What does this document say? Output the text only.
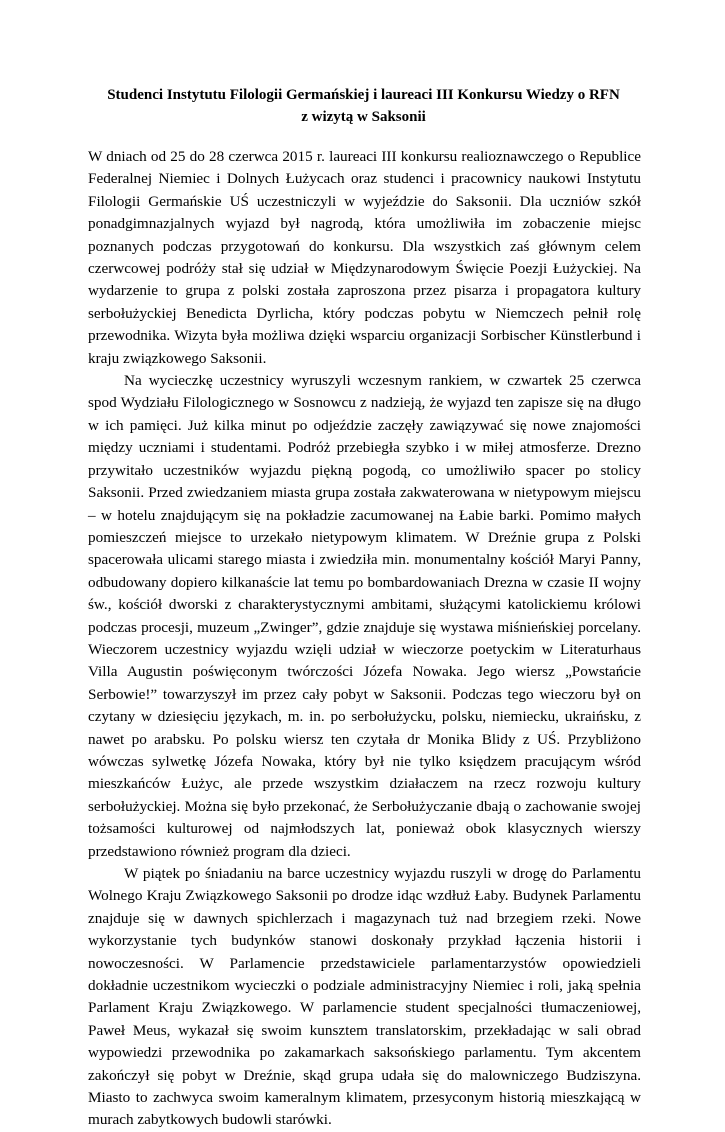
Studenci Instytutu Filologii Germańskiej i laureaci III Konkursu Wiedzy o RFN
z wizytą w Saksonii

W dniach od 25 do 28 czerwca 2015 r. laureaci III konkursu realioznawczego o Republice Federalnej Niemiec i Dolnych Łużycach oraz studenci i pracownicy naukowi Instytutu Filologii Germańskie UŚ uczestniczyli w wyjeździe do Saksonii. Dla uczniów szkół ponadgimnazjalnych wyjazd był nagrodą, która umożliwiła im zobaczenie miejsc poznanych podczas przygotowań do konkursu. Dla wszystkich zaś głównym celem czerwcowej podróży stał się udział w Międzynarodowym Święcie Poezji Łużyckiej. Na wydarzenie to grupa z polski została zaproszona przez pisarza i propagatora kultury serbołużyckiej Benedicta Dyrlicha, który podczas pobytu w Niemczech pełnił rolę przewodnika. Wizyta była możliwa dzięki wsparciu organizacji Sorbischer Künstlerbund i kraju związkowego Saksonii.

Na wycieczkę uczestnicy wyruszyli wczesnym rankiem, w czwartek 25 czerwca spod Wydziału Filologicznego w Sosnowcu z nadzieją, że wyjazd ten zapisze się na długo w ich pamięci. Już kilka minut po odjeździe zaczęły zawiązywać się nowe znajomości między uczniami i studentami. Podróż przebiegła szybko i w miłej atmosferze. Drezno przywitało uczestników wyjazdu piękną pogodą, co umożliwiło spacer po stolicy Saksonii. Przed zwiedzaniem miasta grupa została zakwaterowana w nietypowym miejscu – w hotelu znajdującym się na pokładzie zacumowanej na Łabie barki. Pomimo małych pomieszczeń miejsce to urzekało nietypowym klimatem. W Dreźnie grupa z Polski spacerowała ulicami starego miasta i zwiedziła min. monumentalny kościół Maryi Panny, odbudowany dopiero kilkanaście lat temu po bombardowaniach Drezna w czasie II wojny św., kościół dworski z charakterystycznymi ambitami, służącymi katolickiemu królowi podczas procesji, muzeum „Zwinger”, gdzie znajduje się wystawa miśnieńskiej porcelany. Wieczorem uczestnicy wyjazdu wzięli udział w wieczorze poetyckim w Literaturhaus Villa Augustin poświęconym twórczości Józefa Nowaka. Jego wiersz „Powstańcie Serbowie!” towarzyszył im przez cały pobyt w Saksonii. Podczas tego wieczoru był on czytany w dziesięciu językach, m. in. po serbołużycku, polsku, niemiecku, ukraińsku, z nawet po arabsku. Po polsku wiersz ten czytała dr Monika Blidy z UŚ. Przybliżono wówczas sylwetkę Józefa Nowaka, który był nie tylko księdzem pracującym wśród mieszkańców Łużyc, ale przede wszystkim działaczem na rzecz rozwoju kultury serbołużyckiej. Można się było przekonać, że Serbołużyczanie dbają o zachowanie swojej tożsamości kulturowej od najmłodszych lat, ponieważ obok klasycznych wierszy przedstawiono również program dla dzieci.

W piątek po śniadaniu na barce uczestnicy wyjazdu ruszyli w drogę do Parlamentu Wolnego Kraju Związkowego Saksonii po drodze idąc wzdłuż Łaby. Budynek Parlamentu znajduje się w dawnych spichlerzach i magazynach tuż nad brzegiem rzeki. Nowe wykorzystanie tych budynków stanowi doskonały przykład łączenia historii i nowoczesności. W Parlamencie przedstawiciele parlamentarzystów opowiedzieli dokładnie uczestnikom wycieczki o podziale administracyjny Niemiec i roli, jaką spełnia Parlament Kraju Związkowego. W parlamencie student specjalności tłumaczeniowej, Paweł Meus, wykazał się swoim kunsztem translatorskim, przekładając w sali obrad wypowiedzi przewodnika po zakamarkach saksońskiego parlamentu. Tym akcentem zakończył się pobyt w Dreźnie, skąd grupa udała się do malowniczego Budziszyna. Miasto to zachwyca swoim kameralnym klimatem, przesyconym historią mieszkającą w murach zabytkowych budowli starówki.
